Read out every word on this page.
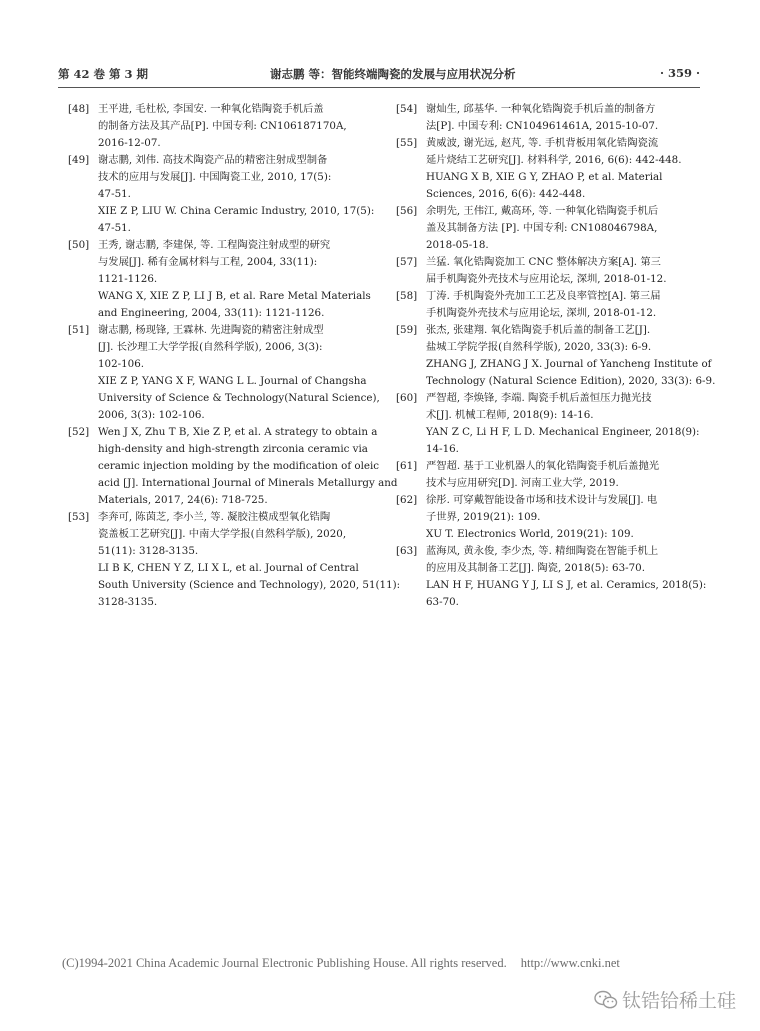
第 42 卷 第 3 期	谢志鹏 等：智能终端陶瓷的发展与应用状况分析	· 359 ·

[48] 王平进, 毛杜松, 李国安. 一种氧化锆陶瓷手机后盖
的制备方法及其产品[P]. 中国专利: CN106187170A,
2016-12-07.

[49] 谢志鹏, 刘伟. 高技术陶瓷产品的精密注射成型制备
技术的应用与发展[J]. 中国陶瓷工业, 2010, 17(5):
47-51.
XIE Z P, LIU W. China Ceramic Industry, 2010, 17(5):
47-51.

[50] 王秀, 谢志鹏, 李建保, 等. 工程陶瓷注射成型的研究
与发展[J]. 稀有金属材料与工程, 2004, 33(11):
1121-1126.
WANG X, XIE Z P, LI J B, et al. Rare Metal Materials
and Engineering, 2004, 33(11): 1121-1126.

[51] 谢志鹏, 杨现锋, 王霖林. 先进陶瓷的精密注射成型
[J]. 长沙理工大学学报(自然科学版), 2006, 3(3):
102-106.
XIE Z P, YANG X F, WANG L L. Journal of Changsha
University of Science & Technology(Natural Science),
2006, 3(3): 102-106.

[52] Wen J X, Zhu T B, Xie Z P, et al. A strategy to obtain a
high-density and high-strength zirconia ceramic via
ceramic injection molding by the modification of oleic
acid [J]. International Journal of Minerals Metallurgy and
Materials, 2017, 24(6): 718-725.

[53] 李奔可, 陈茵芝, 李小兰, 等. 凝胶注模成型氧化锆陶
瓷盖板工艺研究[J]. 中南大学学报(自然科学版), 2020,
51(11): 3128-3135.
LI B K, CHEN Y Z, LI X L, et al. Journal of Central
South University (Science and Technology), 2020, 51(11):
3128-3135.

[54] 谢灿生, 邱基华. 一种氧化锆陶瓷手机后盖的制备方
法[P]. 中国专利: CN104961461A, 2015-10-07.

[55] 黄威波, 谢光远, 赵芃, 等. 手机背板用氧化锆陶瓷流
延片烧结工艺研究[J]. 材料科学, 2016, 6(6): 442-448.
HUANG X B, XIE G Y, ZHAO P, et al. Material
Sciences, 2016, 6(6): 442-448.

[56] 余明先, 王伟江, 戴高环, 等. 一种氧化锆陶瓷手机后
盖及其制备方法 [P]. 中国专利: CN108046798A,
2018-05-18.

[57] 兰猛. 氧化锆陶瓷加工 CNC 整体解决方案[A]. 第三
届手机陶瓷外壳技术与应用论坛, 深圳, 2018-01-12.

[58] 丁涛. 手机陶瓷外壳加工工艺及良率管控[A]. 第三届
手机陶瓷外壳技术与应用论坛, 深圳, 2018-01-12.

[59] 张杰, 张建翔. 氧化锆陶瓷手机后盖的制备工艺[J].
盐城工学院学报(自然科学版), 2020, 33(3): 6-9.
ZHANG J, ZHANG J X. Journal of Yancheng Institute of
Technology (Natural Science Edition), 2020, 33(3): 6-9.

[60] 严智超, 李焕锋, 李端. 陶瓷手机后盖恒压力抛光技
术[J]. 机械工程师, 2018(9): 14-16.
YAN Z C, Li H F, L D. Mechanical Engineer, 2018(9):
14-16.

[61] 严智超. 基于工业机器人的氧化锆陶瓷手机后盖抛光
技术与应用研究[D]. 河南工业大学, 2019.

[62] 徐彤. 可穿戴智能设备市场和技术设计与发展[J]. 电
子世界, 2019(21): 109.
XU T. Electronics World, 2019(21): 109.

[63] 蓝海凤, 黄永俊, 李少杰, 等. 精细陶瓷在智能手机上
的应用及其制备工艺[J]. 陶瓷, 2018(5): 63-70.
LAN H F, HUANG Y J, LI S J, et al. Ceramics, 2018(5):
63-70.

(C)1994-2021 China Academic Journal Electronic Publishing House. All rights reserved. http://www.cnki.net
钛锆铪稀土硅
